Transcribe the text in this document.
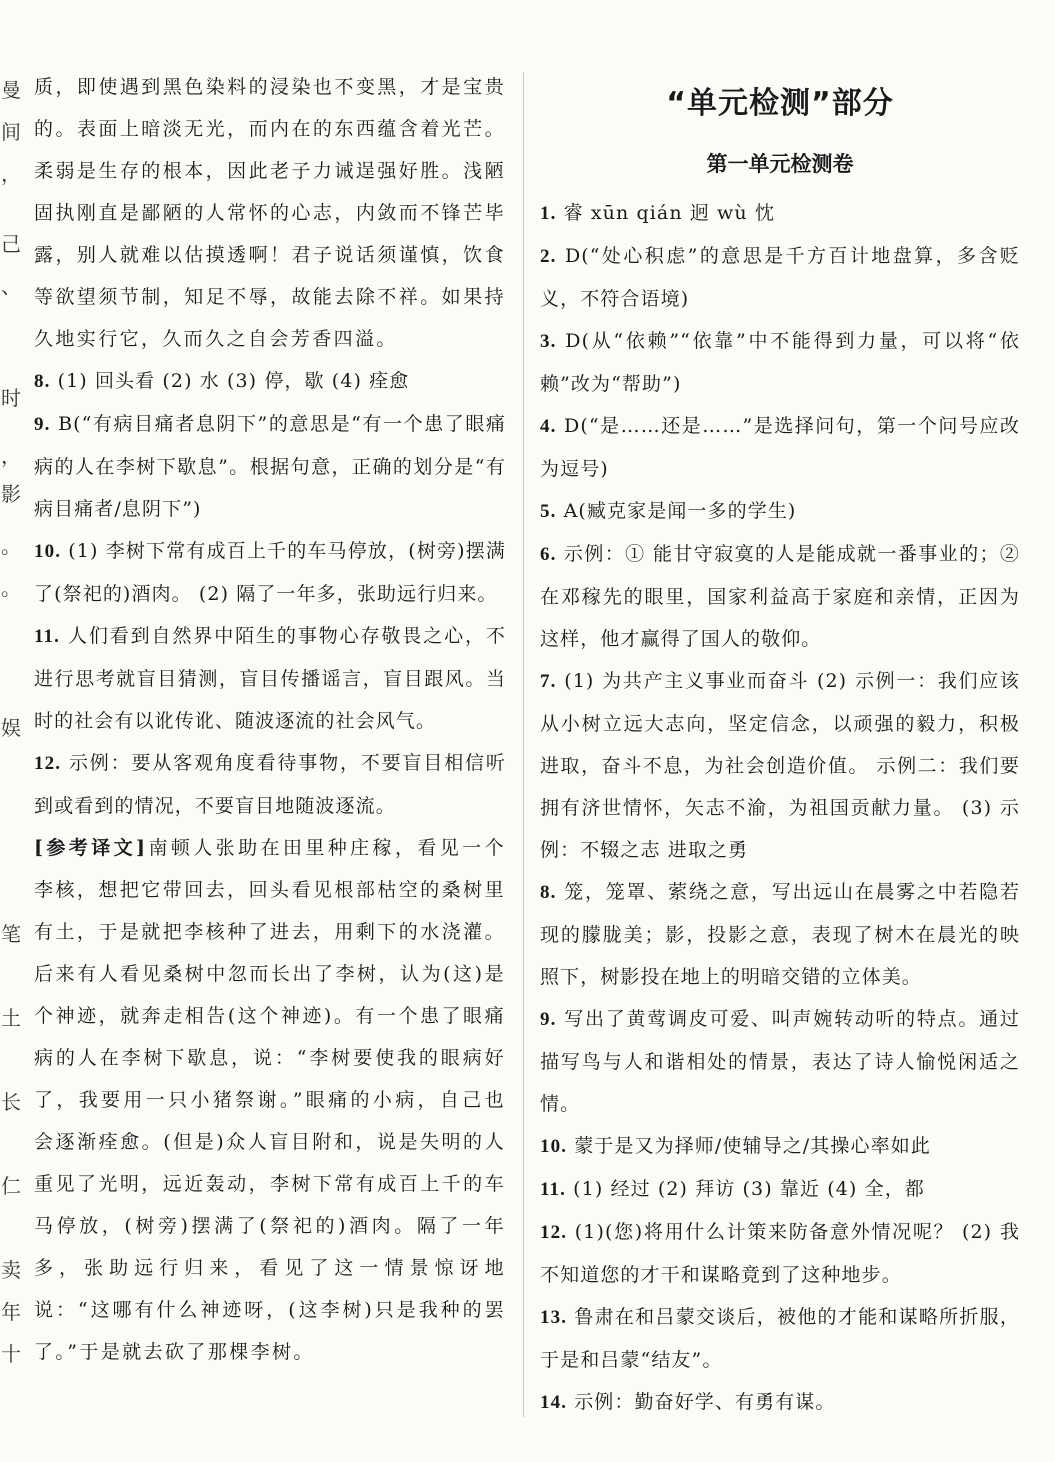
曼
间
，
己
、
时
，
影
。
。
娱
笔
土
长
仁
卖
年
十

质，即使遇到黑色染料的浸染也不变黑，才是宝贵的。表面上暗淡无光，而内在的东西蕴含着光芒。柔弱是生存的根本，因此老子力诫逞强好胜。浅陋固执刚直是鄙陋的人常怀的心志，内敛而不锋芒毕露，别人就难以估摸透啊！君子说话须谨慎，饮食等欲望须节制，知足不辱，故能去除不祥。如果持久地实行它，久而久之自会芳香四溢。

8. (1) 回头看 (2) 水 (3) 停，歇 (4) 痊愈

9. B(“有病目痛者息阴下”的意思是“有一个患了眼痛病的人在李树下歇息”。根据句意，正确的划分是“有病目痛者/息阴下”)

10. (1) 李树下常有成百上千的车马停放，(树旁)摆满了(祭祀的)酒肉。 (2) 隔了一年多，张助远行归来。

11. 人们看到自然界中陌生的事物心存敬畏之心，不进行思考就盲目猜测，盲目传播谣言，盲目跟风。当时的社会有以讹传讹、随波逐流的社会风气。

12. 示例：要从客观角度看待事物，不要盲目相信听到或看到的情况，不要盲目地随波逐流。

[参考译文]南顿人张助在田里种庄稼，看见一个李核，想把它带回去，回头看见根部枯空的桑树里有土，于是就把李核种了进去，用剩下的水浇灌。后来有人看见桑树中忽而长出了李树，认为(这)是个神迹，就奔走相告(这个神迹)。有一个患了眼痛病的人在李树下歇息，说：“李树要使我的眼病好了，我要用一只小猪祭谢。”眼痛的小病，自己也会逐渐痊愈。(但是)众人盲目附和，说是失明的人重见了光明，远近轰动，李树下常有成百上千的车马停放，(树旁)摆满了(祭祀的)酒肉。隔了一年多，张助远行归来，看见了这一情景惊讶地说：“这哪有什么神迹呀，(这李树)只是我种的罢了。”于是就去砍了那棵李树。

“单元检测”部分
第一单元检测卷

1. 睿 xūn qián 迥 wù 忱

2. D(“处心积虑”的意思是千方百计地盘算，多含贬义，不符合语境)

3. D(从“依赖”“依靠”中不能得到力量，可以将“依赖”改为“帮助”)

4. D(“是……还是……”是选择问句，第一个问号应改为逗号)

5. A(臧克家是闻一多的学生)

6. 示例：① 能甘守寂寞的人是能成就一番事业的；② 在邓稼先的眼里，国家利益高于家庭和亲情，正因为这样，他才赢得了国人的敬仰。

7. (1) 为共产主义事业而奋斗 (2) 示例一：我们应该从小树立远大志向，坚定信念，以顽强的毅力，积极进取，奋斗不息，为社会创造价值。 示例二：我们要拥有济世情怀，矢志不渝，为祖国贡献力量。 (3) 示例：不辍之志 进取之勇

8. 笼，笼罩、萦绕之意，写出远山在晨雾之中若隐若现的朦胧美；影，投影之意，表现了树木在晨光的映照下，树影投在地上的明暗交错的立体美。

9. 写出了黄莺调皮可爱、叫声婉转动听的特点。通过描写鸟与人和谐相处的情景，表达了诗人愉悦闲适之情。

10. 蒙于是又为择师/使辅导之/其操心率如此

11. (1) 经过 (2) 拜访 (3) 靠近 (4) 全，都

12. (1)(您)将用什么计策来防备意外情况呢？ (2) 我不知道您的才干和谋略竟到了这种地步。

13. 鲁肃在和吕蒙交谈后，被他的才能和谋略所折服，于是和吕蒙“结友”。

14. 示例：勤奋好学、有勇有谋。
